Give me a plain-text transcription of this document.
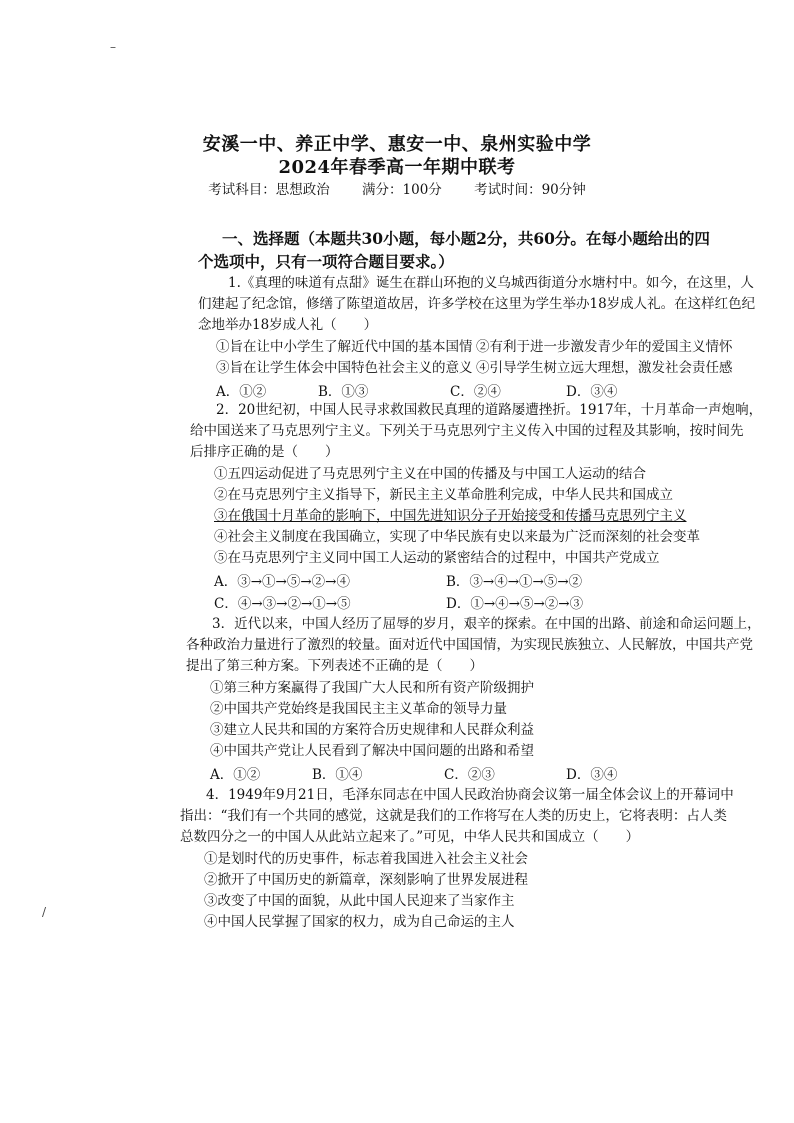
–
安溪一中、养正中学、惠安一中、泉州实验中学
2024年春季高一年期中联考
考试科目：思想政治 满分：100分 考试时间：90分钟
一、选择题（本题共30小题，每小题2分，共60分。在每小题给出的四
个选项中，只有一项符合题目要求。）
1.《真理的味道有点甜》诞生在群山环抱的义乌城西街道分水塘村中。如今，在这里，人
们建起了纪念馆，修缮了陈望道故居，许多学校在这里为学生举办18岁成人礼。在这样红色纪
念地举办18岁成人礼（　　）
①旨在让中小学生了解近代中国的基本国情 ②有利于进一步激发青少年的爱国主义情怀
③旨在让学生体会中国特色社会主义的意义 ④引导学生树立远大理想，激发社会责任感
A．①②	B．①③	C．②④	D．③④
2．20世纪初，中国人民寻求救国救民真理的道路屡遭挫折。1917年，十月革命一声炮响，
给中国送来了马克思列宁主义。下列关于马克思列宁主义传入中国的过程及其影响，按时间先
后排序正确的是（　　）
①五四运动促进了马克思列宁主义在中国的传播及与中国工人运动的结合
②在马克思列宁主义指导下，新民主主义革命胜利完成，中华人民共和国成立
③在俄国十月革命的影响下，中国先进知识分子开始接受和传播马克思列宁主义
④社会主义制度在我国确立，实现了中华民族有史以来最为广泛而深刻的社会变革
⑤在马克思列宁主义同中国工人运动的紧密结合的过程中，中国共产党成立
A．③→①→⑤→②→④	B．③→④→①→⑤→②
C．④→③→②→①→⑤	D．①→④→⑤→②→③
3．近代以来，中国人经历了屈辱的岁月，艰辛的探索。在中国的出路、前途和命运问题上，
各种政治力量进行了激烈的较量。面对近代中国国情，为实现民族独立、人民解放，中国共产党
提出了第三种方案。下列表述不正确的是（　　）
①第三种方案赢得了我国广大人民和所有资产阶级拥护
②中国共产党始终是我国民主主义革命的领导力量
③建立人民共和国的方案符合历史规律和人民群众利益
④中国共产党让人民看到了解决中国问题的出路和希望
A．①②	B．①④	C．②③	D．③④
4．1949年9月21日，毛泽东同志在中国人民政治协商会议第一届全体会议上的开幕词中
指出：“我们有一个共同的感觉，这就是我们的工作将写在人类的历史上，它将表明：占人类
总数四分之一的中国人从此站立起来了。”可见，中华人民共和国成立（　　）
①是划时代的历史事件，标志着我国进入社会主义社会
②掀开了中国历史的新篇章，深刻影响了世界发展进程
③改变了中国的面貌，从此中国人民迎来了当家作主
④中国人民掌握了国家的权力，成为自己命运的主人
/
